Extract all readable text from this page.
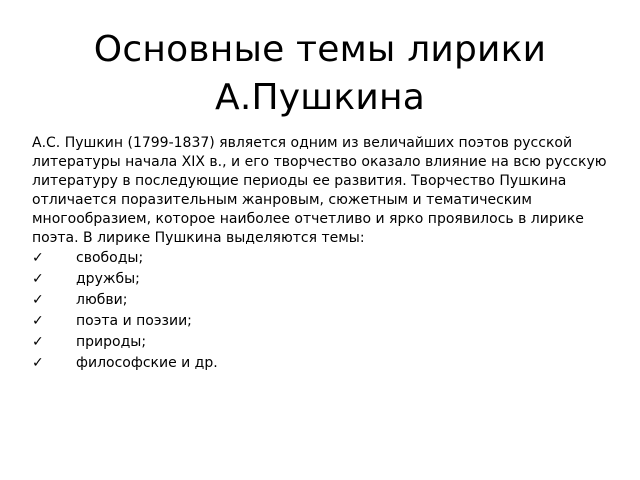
Основные темы лирики
А.Пушкина

А.С. Пушкин (1799-1837) является одним из величайших поэтов русской литературы начала XIX в., и его творчество оказало влияние на всю русскую литературу в последующие периоды ее развития. Творчество Пушкина отличается поразительным жанровым, сюжетным и тематическим многообразием, которое наиболее отчетливо и ярко проявилось в лирике поэта. В лирике Пушкина выделяются темы:

✓	свободы;
✓	дружбы;
✓	любви;
✓	поэта и поэзии;
✓	природы;
✓	философские и др.
